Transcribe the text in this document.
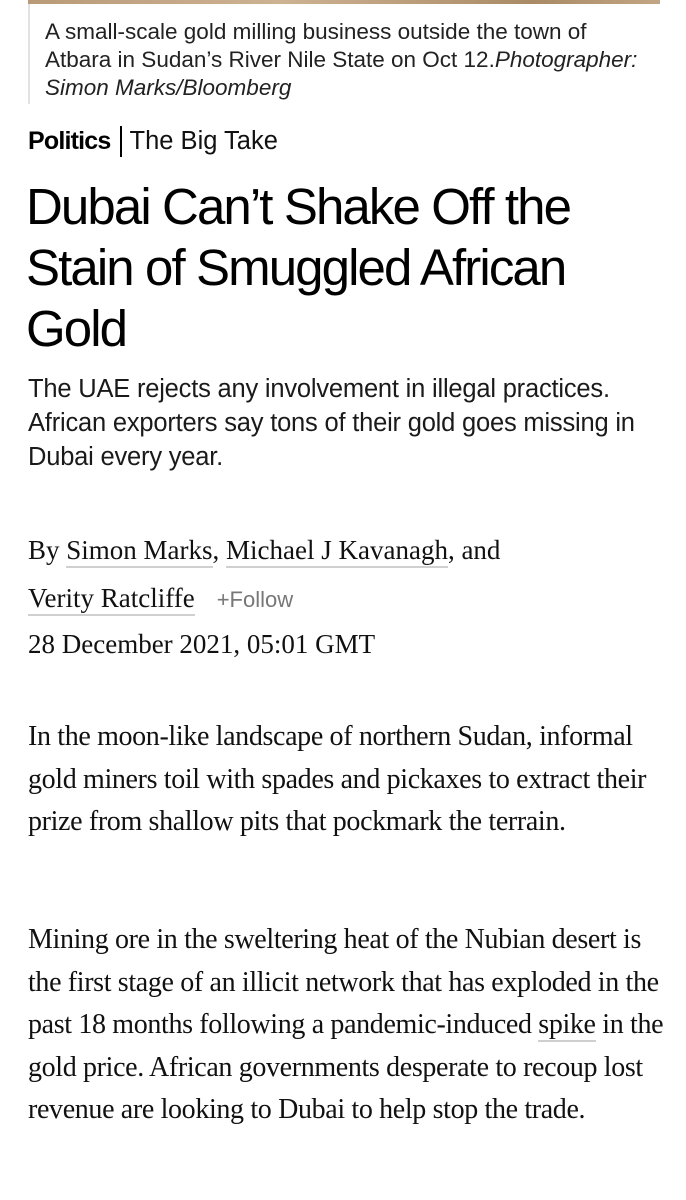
A small-scale gold milling business outside the town of Atbara in Sudan’s River Nile State on Oct 12.Photographer: Simon Marks/Bloomberg
Politics The Big Take
Dubai Can’t Shake Off the Stain of Smuggled African Gold

The UAE rejects any involvement in illegal practices. African exporters say tons of their gold goes missing in Dubai every year.

By Simon Marks, Michael J Kavanagh, and
Verity Ratcliffe +Follow
28 December 2021, 05:01 GMT

In the moon-like landscape of northern Sudan, informal gold miners toil with spades and pickaxes to extract their prize from shallow pits that pockmark the terrain.

Mining ore in the sweltering heat of the Nubian desert is the first stage of an illicit network that has exploded in the past 18 months following a pandemic-induced spike in the gold price. African governments desperate to recoup lost revenue are looking to Dubai to help stop the trade.
